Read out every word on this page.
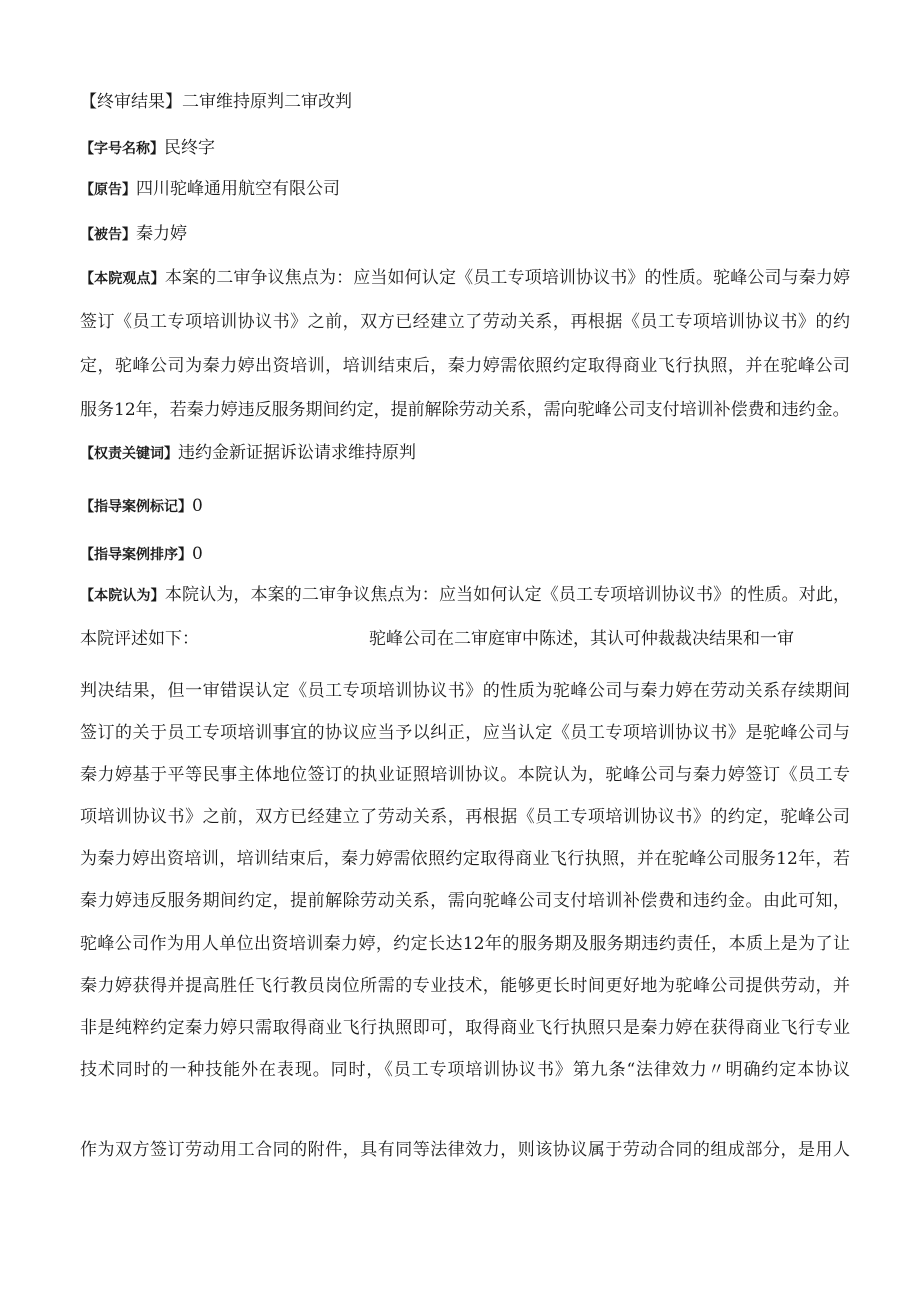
【终审结果】二审维持原判二审改判
【字号名称】民终字
【原告】四川驼峰通用航空有限公司
【被告】秦力婷
【本院观点】本案的二审争议焦点为：应当如何认定《员工专项培训协议书》的性质。驼峰公司与秦力婷
签订《员工专项培训协议书》之前，双方已经建立了劳动关系，再根据《员工专项培训协议书》的约
定，驼峰公司为秦力婷出资培训，培训结束后，秦力婷需依照约定取得商业飞行执照，并在驼峰公司
服务12年，若秦力婷违反服务期间约定，提前解除劳动关系，需向驼峰公司支付培训补偿费和违约金。
【权责关键词】违约金新证据诉讼请求维持原判
【指导案例标记】0
【指导案例排序】0
【本院认为】本院认为，本案的二审争议焦点为：应当如何认定《员工专项培训协议书》的性质。对此，
本院评述如下：	驼峰公司在二审庭审中陈述，其认可仲裁裁决结果和一审
判决结果，但一审错误认定《员工专项培训协议书》的性质为驼峰公司与秦力婷在劳动关系存续期间
签订的关于员工专项培训事宜的协议应当予以纠正，应当认定《员工专项培训协议书》是驼峰公司与
秦力婷基于平等民事主体地位签订的执业证照培训协议。本院认为，驼峰公司与秦力婷签订《员工专
项培训协议书》之前，双方已经建立了劳动关系，再根据《员工专项培训协议书》的约定，驼峰公司
为秦力婷出资培训，培训结束后，秦力婷需依照约定取得商业飞行执照，并在驼峰公司服务12年，若
秦力婷违反服务期间约定，提前解除劳动关系，需向驼峰公司支付培训补偿费和违约金。由此可知，
驼峰公司作为用人单位出资培训秦力婷，约定长达12年的服务期及服务期违约责任，本质上是为了让
秦力婷获得并提高胜任飞行教员岗位所需的专业技术，能够更长时间更好地为驼峰公司提供劳动，并
非是纯粹约定秦力婷只需取得商业飞行执照即可，取得商业飞行执照只是秦力婷在获得商业飞行专业
技术同时的一种技能外在表现。同时，《员工专项培训协议书》第九条“法律效力〃明确约定本协议
作为双方签订劳动用工合同的附件，具有同等法律效力，则该协议属于劳动合同的组成部分，是用人
